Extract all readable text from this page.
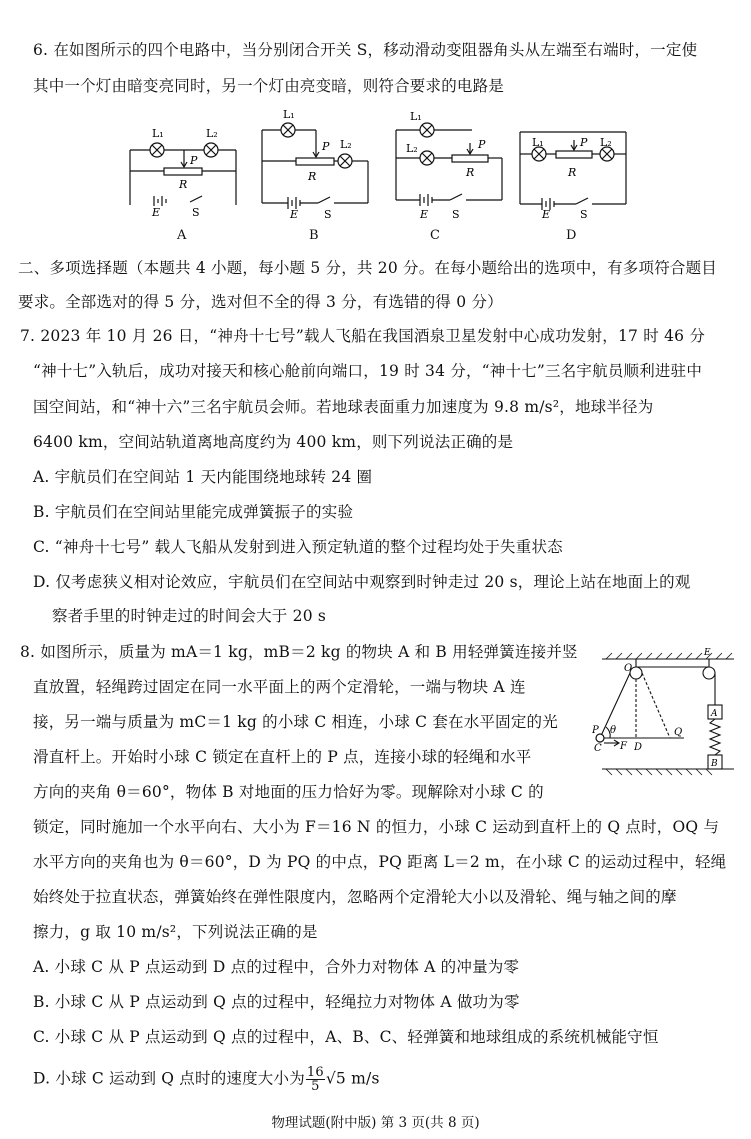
6. 在如图所示的四个电路中，当分别闭合开关 S，移动滑动变阻器角头从左端至右端时，一定使
其中一个灯由暗变亮同时，另一个灯由亮变暗，则符合要求的电路是
L₁	L₂
P
R
E	S
A
L₁
P L₂
R
E S
B
L₁
L₂	P
R
E S
C
L₁	L₂
P
R
E	S
D
二、多项选择题（本题共 4 小题，每小题 5 分，共 20 分。在每小题给出的选项中，有多项符合题目
要求。全部选对的得 5 分，选对但不全的得 3 分，有选错的得 0 分）
7. 2023 年 10 月 26 日，“神舟十七号”载人飞船在我国酒泉卫星发射中心成功发射，17 时 46 分
“神十七”入轨后，成功对接天和核心舱前向端口，19 时 34 分，“神十七”三名宇航员顺利进驻中
国空间站，和“神十六”三名宇航员会师。若地球表面重力加速度为 9.8 m/s²，地球半径为
6400 km，空间站轨道离地高度约为 400 km，则下列说法正确的是
A. 宇航员们在空间站 1 天内能围绕地球转 24 圈
B. 宇航员们在空间站里能完成弹簧振子的实验
C. “神舟十七号” 载人飞船从发射到进入预定轨道的整个过程均处于失重状态
D. 仅考虑狭义相对论效应，宇航员们在空间站中观察到时钟走过 20 s，理论上站在地面上的观
察者手里的时钟走过的时间会大于 20 s
8. 如图所示，质量为 mA＝1 kg，mB＝2 kg 的物块 A 和 B 用轻弹簧连接并竖
直放置，轻绳跨过固定在同一水平面上的两个定滑轮，一端与物块 A 连
接，另一端与质量为 mC＝1 kg 的小球 C 相连，小球 C 套在水平固定的光
滑直杆上。开始时小球 C 锁定在直杆上的 P 点，连接小球的轻绳和水平
方向的夹角 θ＝60°，物体 B 对地面的压力恰好为零。现解除对小球 C 的
锁定，同时施加一个水平向右、大小为 F＝16 N 的恒力，小球 C 运动到直杆上的 Q 点时，OQ 与
水平方向的夹角也为 θ＝60°，D 为 PQ 的中点，PQ 距离 L＝2 m，在小球 C 的运动过程中，轻绳
始终处于拉直状态，弹簧始终在弹性限度内，忽略两个定滑轮大小以及滑轮、绳与轴之间的摩
擦力，g 取 10 m/s²，下列说法正确的是
A. 小球 C 从 P 点运动到 D 点的过程中，合外力对物体 A 的冲量为零
B. 小球 C 从 P 点运动到 Q 点的过程中，轻绳拉力对物体 A 做功为零
C. 小球 C 从 P 点运动到 Q 点的过程中，A、B、C、轻弹簧和地球组成的系统机械能守恒
D. 小球 C 运动到 Q 点时的速度大小为 $\frac{16}{5} √5$ m/s
O
E
P θ	Q
C F D
A
B
物理试题(附中版) 第 3 页(共 8 页)
